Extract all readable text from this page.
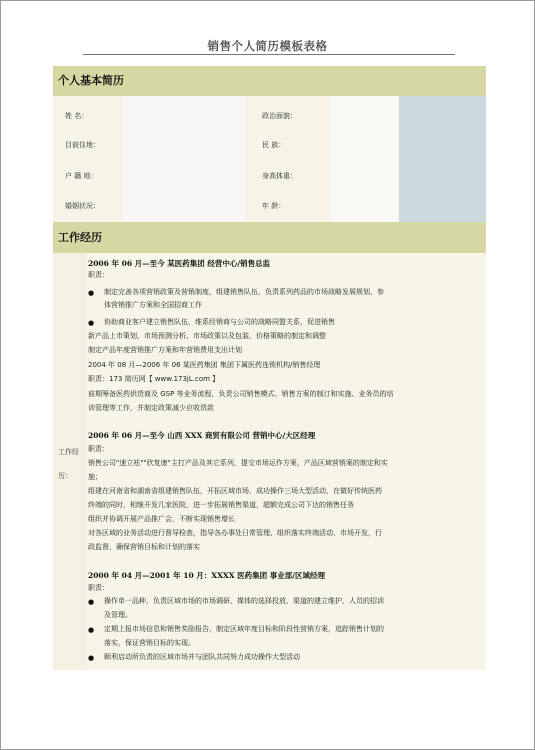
销售个人简历模板表格
个人基本简历
姓 名：	政治面貌：
目前住地：	民 族：
户 籍 地：	身高体重：
婚姻状况：	年 龄：
工作经历
工作经
历：
2006 年 06 月—至今 某医药集团 经营中心/销售总监
职责：
● 制定完善各项营销政策及营销制度，组建销售队伍，负责系列药品的市场战略发展规划、参
体营销推广方案和全国招商工作
● 协助商业客户建立销售队伍，维系经销商与公司的战略同盟关系，促进销售
新产品上市策划、市场预测分析、市场政策以及包装、价格策略的制定和调整
制定产品年度营销推广方案和年营销费用支出计划
2004 年 08 月—2006 年 06 某医药集团 集团下属医药连锁机构/销售经理
职责：173 简历网【 www.173jL.com 】
前期筹备医药供货商及 GSP 等业务流程，负责公司销售模式、销售方案的制订和实施、业务员的培
训管理等工作，并制定政策减少应收货款
2006 年 06 月—至今 山西 XXX 商贸有限公司 营销中心/大区经理
职责：
销售公司"速立袪""欣复康"主打产品及其它系列，提交市场运作方案，产品区域营销案的制定和实
施；
组建在河南省和湖南省组建销售队伍，开拓区域市场，成功操作三场大型活动，在做好传统医药
终端的同时，相继开发几家医院，进一步拓展销售渠道，超额完成公司下达的销售任务
组织并协调开展产品推广会，不断实现销售增长
对各区域的业务活动进行督导检查，指导各办事处日常管理、组织落实终端活动、市场开发，行
政监督，确保营销目标和计划的落实
2000 年 04 月—2001 年 10 月：XXXX 医药集团 事业部/区域经理
职责：
● 操作单一品种，负责区域市场的市场调研、媒体的选择投放、渠道的建立维护、人员的招训
及管理。
● 定期上报市场信息和销售奖励报告，制定区域年度目标和阶段性营销方案，追踪销售计划的
落实，保证营销目标的实现。
● 顺利启动所负责的区域市场并与团队共同努力成功操作大型活动
